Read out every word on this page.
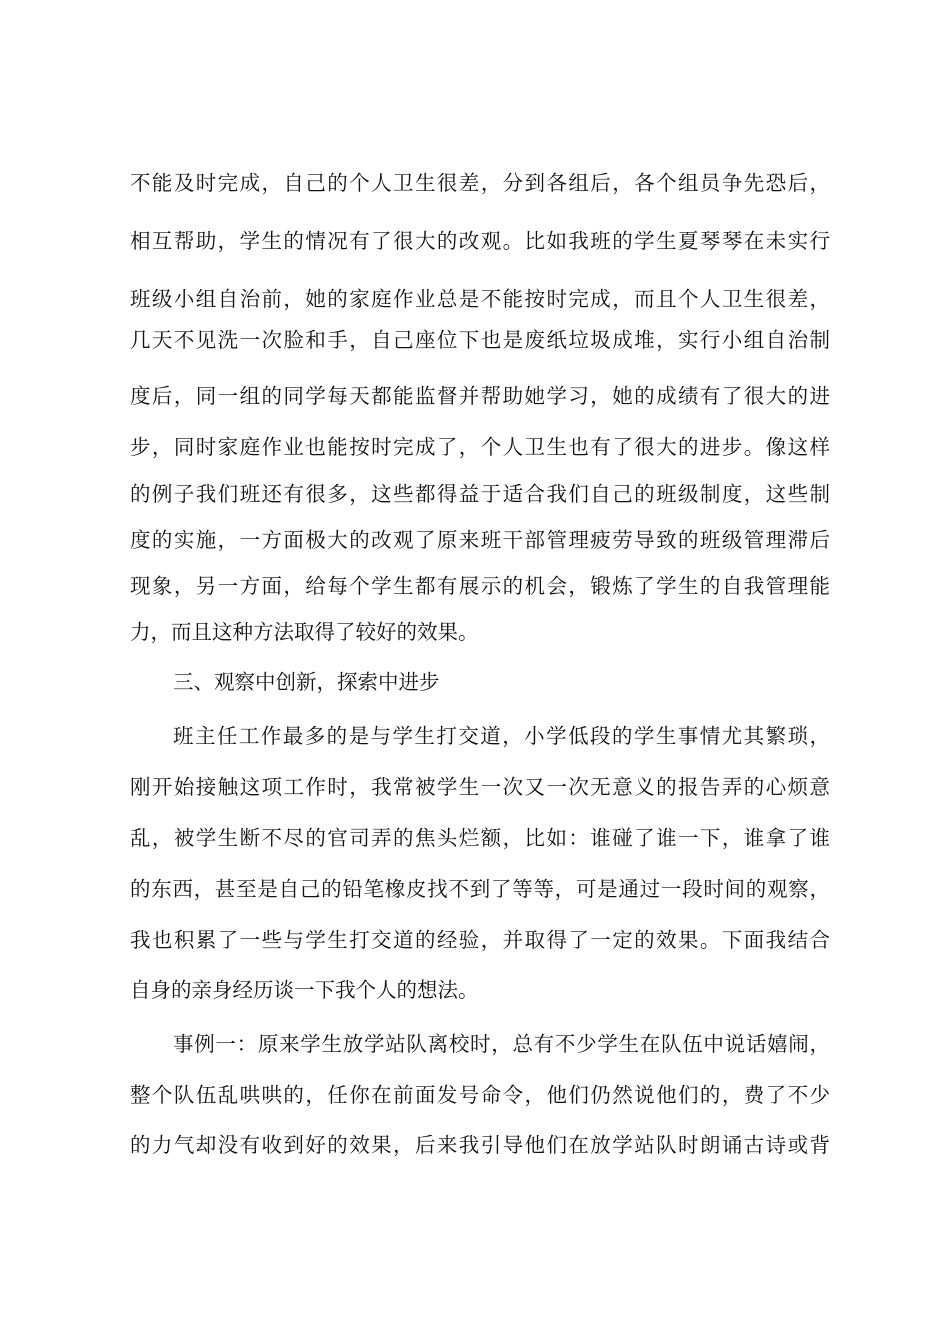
不能及时完成，自己的个人卫生很差，分到各组后，各个组员争先恐后，
相互帮助，学生的情况有了很大的改观。比如我班的学生夏琴琴在未实行
班级小组自治前，她的家庭作业总是不能按时完成，而且个人卫生很差，
几天不见洗一次脸和手，自己座位下也是废纸垃圾成堆，实行小组自治制
度后，同一组的同学每天都能监督并帮助她学习，她的成绩有了很大的进
步，同时家庭作业也能按时完成了，个人卫生也有了很大的进步。像这样
的例子我们班还有很多，这些都得益于适合我们自己的班级制度，这些制
度的实施，一方面极大的改观了原来班干部管理疲劳导致的班级管理滞后
现象，另一方面，给每个学生都有展示的机会，锻炼了学生的自我管理能
力，而且这种方法取得了较好的效果。
三、观察中创新，探索中进步
班主任工作最多的是与学生打交道，小学低段的学生事情尤其繁琐，
刚开始接触这项工作时，我常被学生一次又一次无意义的报告弄的心烦意
乱，被学生断不尽的官司弄的焦头烂额，比如：谁碰了谁一下，谁拿了谁
的东西，甚至是自己的铅笔橡皮找不到了等等，可是通过一段时间的观察，
我也积累了一些与学生打交道的经验，并取得了一定的效果。下面我结合
自身的亲身经历谈一下我个人的想法。
事例一：原来学生放学站队离校时，总有不少学生在队伍中说话嬉闹，
整个队伍乱哄哄的，任你在前面发号命令，他们仍然说他们的，费了不少
的力气却没有收到好的效果，后来我引导他们在放学站队时朗诵古诗或背
